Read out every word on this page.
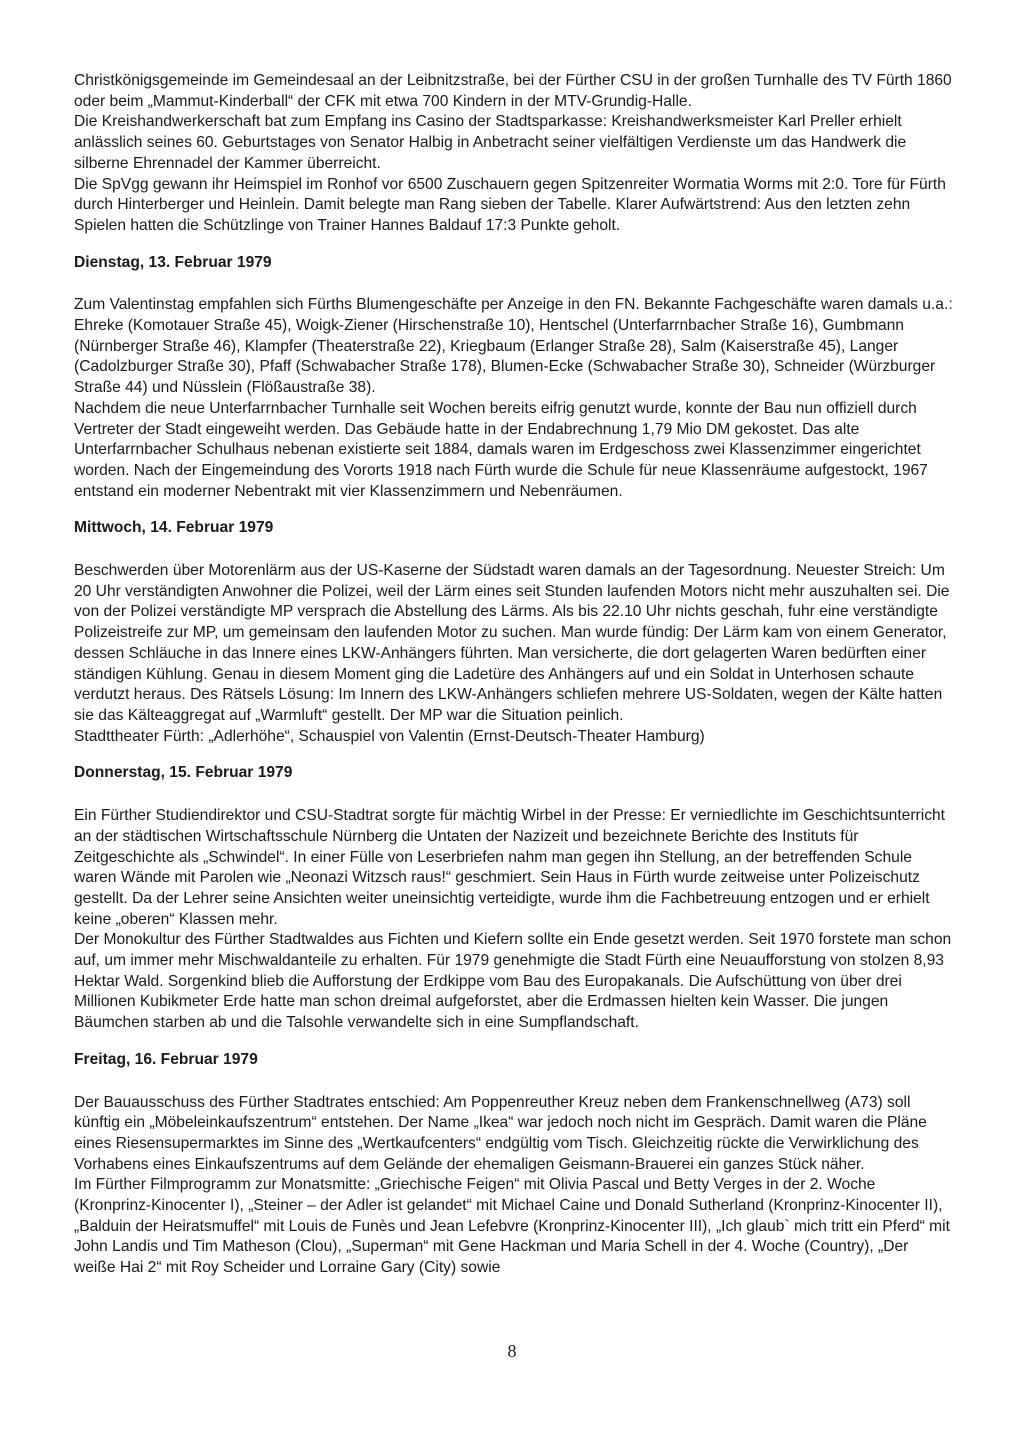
Christkönigsgemeinde im Gemeindesaal an der Leibnitzstraße, bei der Fürther CSU in der großen Turnhalle des TV Fürth 1860 oder beim „Mammut-Kinderball“ der CFK mit etwa 700 Kindern in der MTV-Grundig-Halle.

Die Kreishandwerkerschaft bat zum Empfang ins Casino der Stadtsparkasse: Kreishandwerksmeister Karl Preller erhielt anlässlich seines 60. Geburtstages von Senator Halbig in Anbetracht seiner vielfältigen Verdienste um das Handwerk die silberne Ehrennadel der Kammer überreicht.

Die SpVgg gewann ihr Heimspiel im Ronhof vor 6500 Zuschauern gegen Spitzenreiter Wormatia Worms mit 2:0. Tore für Fürth durch Hinterberger und Heinlein. Damit belegte man Rang sieben der Tabelle. Klarer Aufwärtstrend: Aus den letzten zehn Spielen hatten die Schützlinge von Trainer Hannes Baldauf 17:3 Punkte geholt.

Dienstag, 13. Februar 1979

Zum Valentinstag empfahlen sich Fürths Blumengeschäfte per Anzeige in den FN. Bekannte Fachgeschäfte waren damals u.a.: Ehreke (Komotauer Straße 45), Woigk-Ziener (Hirschenstraße 10), Hentschel (Unterfarrnbacher Straße 16), Gumbmann (Nürnberger Straße 46), Klampfer (Theaterstraße 22), Kriegbaum (Erlanger Straße 28), Salm (Kaiserstraße 45), Langer (Cadolzburger Straße 30), Pfaff (Schwabacher Straße 178), Blumen-Ecke (Schwabacher Straße 30), Schneider (Würzburger Straße 44) und Nüsslein (Flößaustraße 38).

Nachdem die neue Unterfarrnbacher Turnhalle seit Wochen bereits eifrig genutzt wurde, konnte der Bau nun offiziell durch Vertreter der Stadt eingeweiht werden. Das Gebäude hatte in der Endabrechnung 1,79 Mio DM gekostet. Das alte Unterfarrnbacher Schulhaus nebenan existierte seit 1884, damals waren im Erdgeschoss zwei Klassenzimmer eingerichtet worden. Nach der Eingemeindung des Vororts 1918 nach Fürth wurde die Schule für neue Klassenräume aufgestockt, 1967 entstand ein moderner Nebentrakt mit vier Klassenzimmern und Nebenräumen.

Mittwoch, 14. Februar 1979

Beschwerden über Motorenlärm aus der US-Kaserne der Südstadt waren damals an der Tagesordnung. Neuester Streich: Um 20 Uhr verständigten Anwohner die Polizei, weil der Lärm eines seit Stunden laufenden Motors nicht mehr auszuhalten sei. Die von der Polizei verständigte MP versprach die Abstellung des Lärms. Als bis 22.10 Uhr nichts geschah, fuhr eine verständigte Polizeistreife zur MP, um gemeinsam den laufenden Motor zu suchen. Man wurde fündig: Der Lärm kam von einem Generator, dessen Schläuche in das Innere eines LKW-Anhängers führten. Man versicherte, die dort gelagerten Waren bedürften einer ständigen Kühlung. Genau in diesem Moment ging die Ladetüre des Anhängers auf und ein Soldat in Unterhosen schaute verdutzt heraus. Des Rätsels Lösung: Im Innern des LKW-Anhängers schliefen mehrere US-Soldaten, wegen der Kälte hatten sie das Kälteaggregat auf „Warmluft“ gestellt. Der MP war die Situation peinlich.

Stadttheater Fürth: „Adlerhöhe“, Schauspiel von Valentin (Ernst-Deutsch-Theater Hamburg)

Donnerstag, 15. Februar 1979

Ein Fürther Studiendirektor und CSU-Stadtrat sorgte für mächtig Wirbel in der Presse: Er verniedlichte im Geschichtsunterricht an der städtischen Wirtschaftsschule Nürnberg die Untaten der Nazizeit und bezeichnete Berichte des Instituts für Zeitgeschichte als „Schwindel“. In einer Fülle von Leserbriefen nahm man gegen ihn Stellung, an der betreffenden Schule waren Wände mit Parolen wie „Neonazi Witzsch raus!“ geschmiert. Sein Haus in Fürth wurde zeitweise unter Polizeischutz gestellt. Da der Lehrer seine Ansichten weiter uneinsichtig verteidigte, wurde ihm die Fachbetreuung entzogen und er erhielt keine „oberen“ Klassen mehr.

Der Monokultur des Fürther Stadtwaldes aus Fichten und Kiefern sollte ein Ende gesetzt werden. Seit 1970 forstete man schon auf, um immer mehr Mischwaldanteile zu erhalten. Für 1979 genehmigte die Stadt Fürth eine Neuaufforstung von stolzen 8,93 Hektar Wald. Sorgenkind blieb die Aufforstung der Erdkippe vom Bau des Europakanals. Die Aufschüttung von über drei Millionen Kubikmeter Erde hatte man schon dreimal aufgeforstet, aber die Erdmassen hielten kein Wasser. Die jungen Bäumchen starben ab und die Talsohle verwandelte sich in eine Sumpflandschaft.

Freitag, 16. Februar 1979

Der Bauausschuss des Fürther Stadtrates entschied: Am Poppenreuther Kreuz neben dem Frankenschnellweg (A73) soll künftig ein „Möbeleinkaufszentrum“ entstehen. Der Name „Ikea“ war jedoch noch nicht im Gespräch. Damit waren die Pläne eines Riesensupermarktes im Sinne des „Wertkaufcenters“ endgültig vom Tisch. Gleichzeitig rückte die Verwirklichung des Vorhabens eines Einkaufszentrums auf dem Gelände der ehemaligen Geismann-Brauerei ein ganzes Stück näher.

Im Fürther Filmprogramm zur Monatsmitte: „Griechische Feigen“ mit Olivia Pascal und Betty Verges in der 2. Woche (Kronprinz-Kinocenter I), „Steiner – der Adler ist gelandet“ mit Michael Caine und Donald Sutherland (Kronprinz-Kinocenter II), „Balduin der Heiratsmuffel“ mit Louis de Funès und Jean Lefebvre (Kronprinz-Kinocenter III), „Ich glaub` mich tritt ein Pferd“ mit John Landis und Tim Matheson (Clou), „Superman“ mit Gene Hackman und Maria Schell in der 4. Woche (Country), „Der weiße Hai 2“ mit Roy Scheider und Lorraine Gary (City) sowie

8
